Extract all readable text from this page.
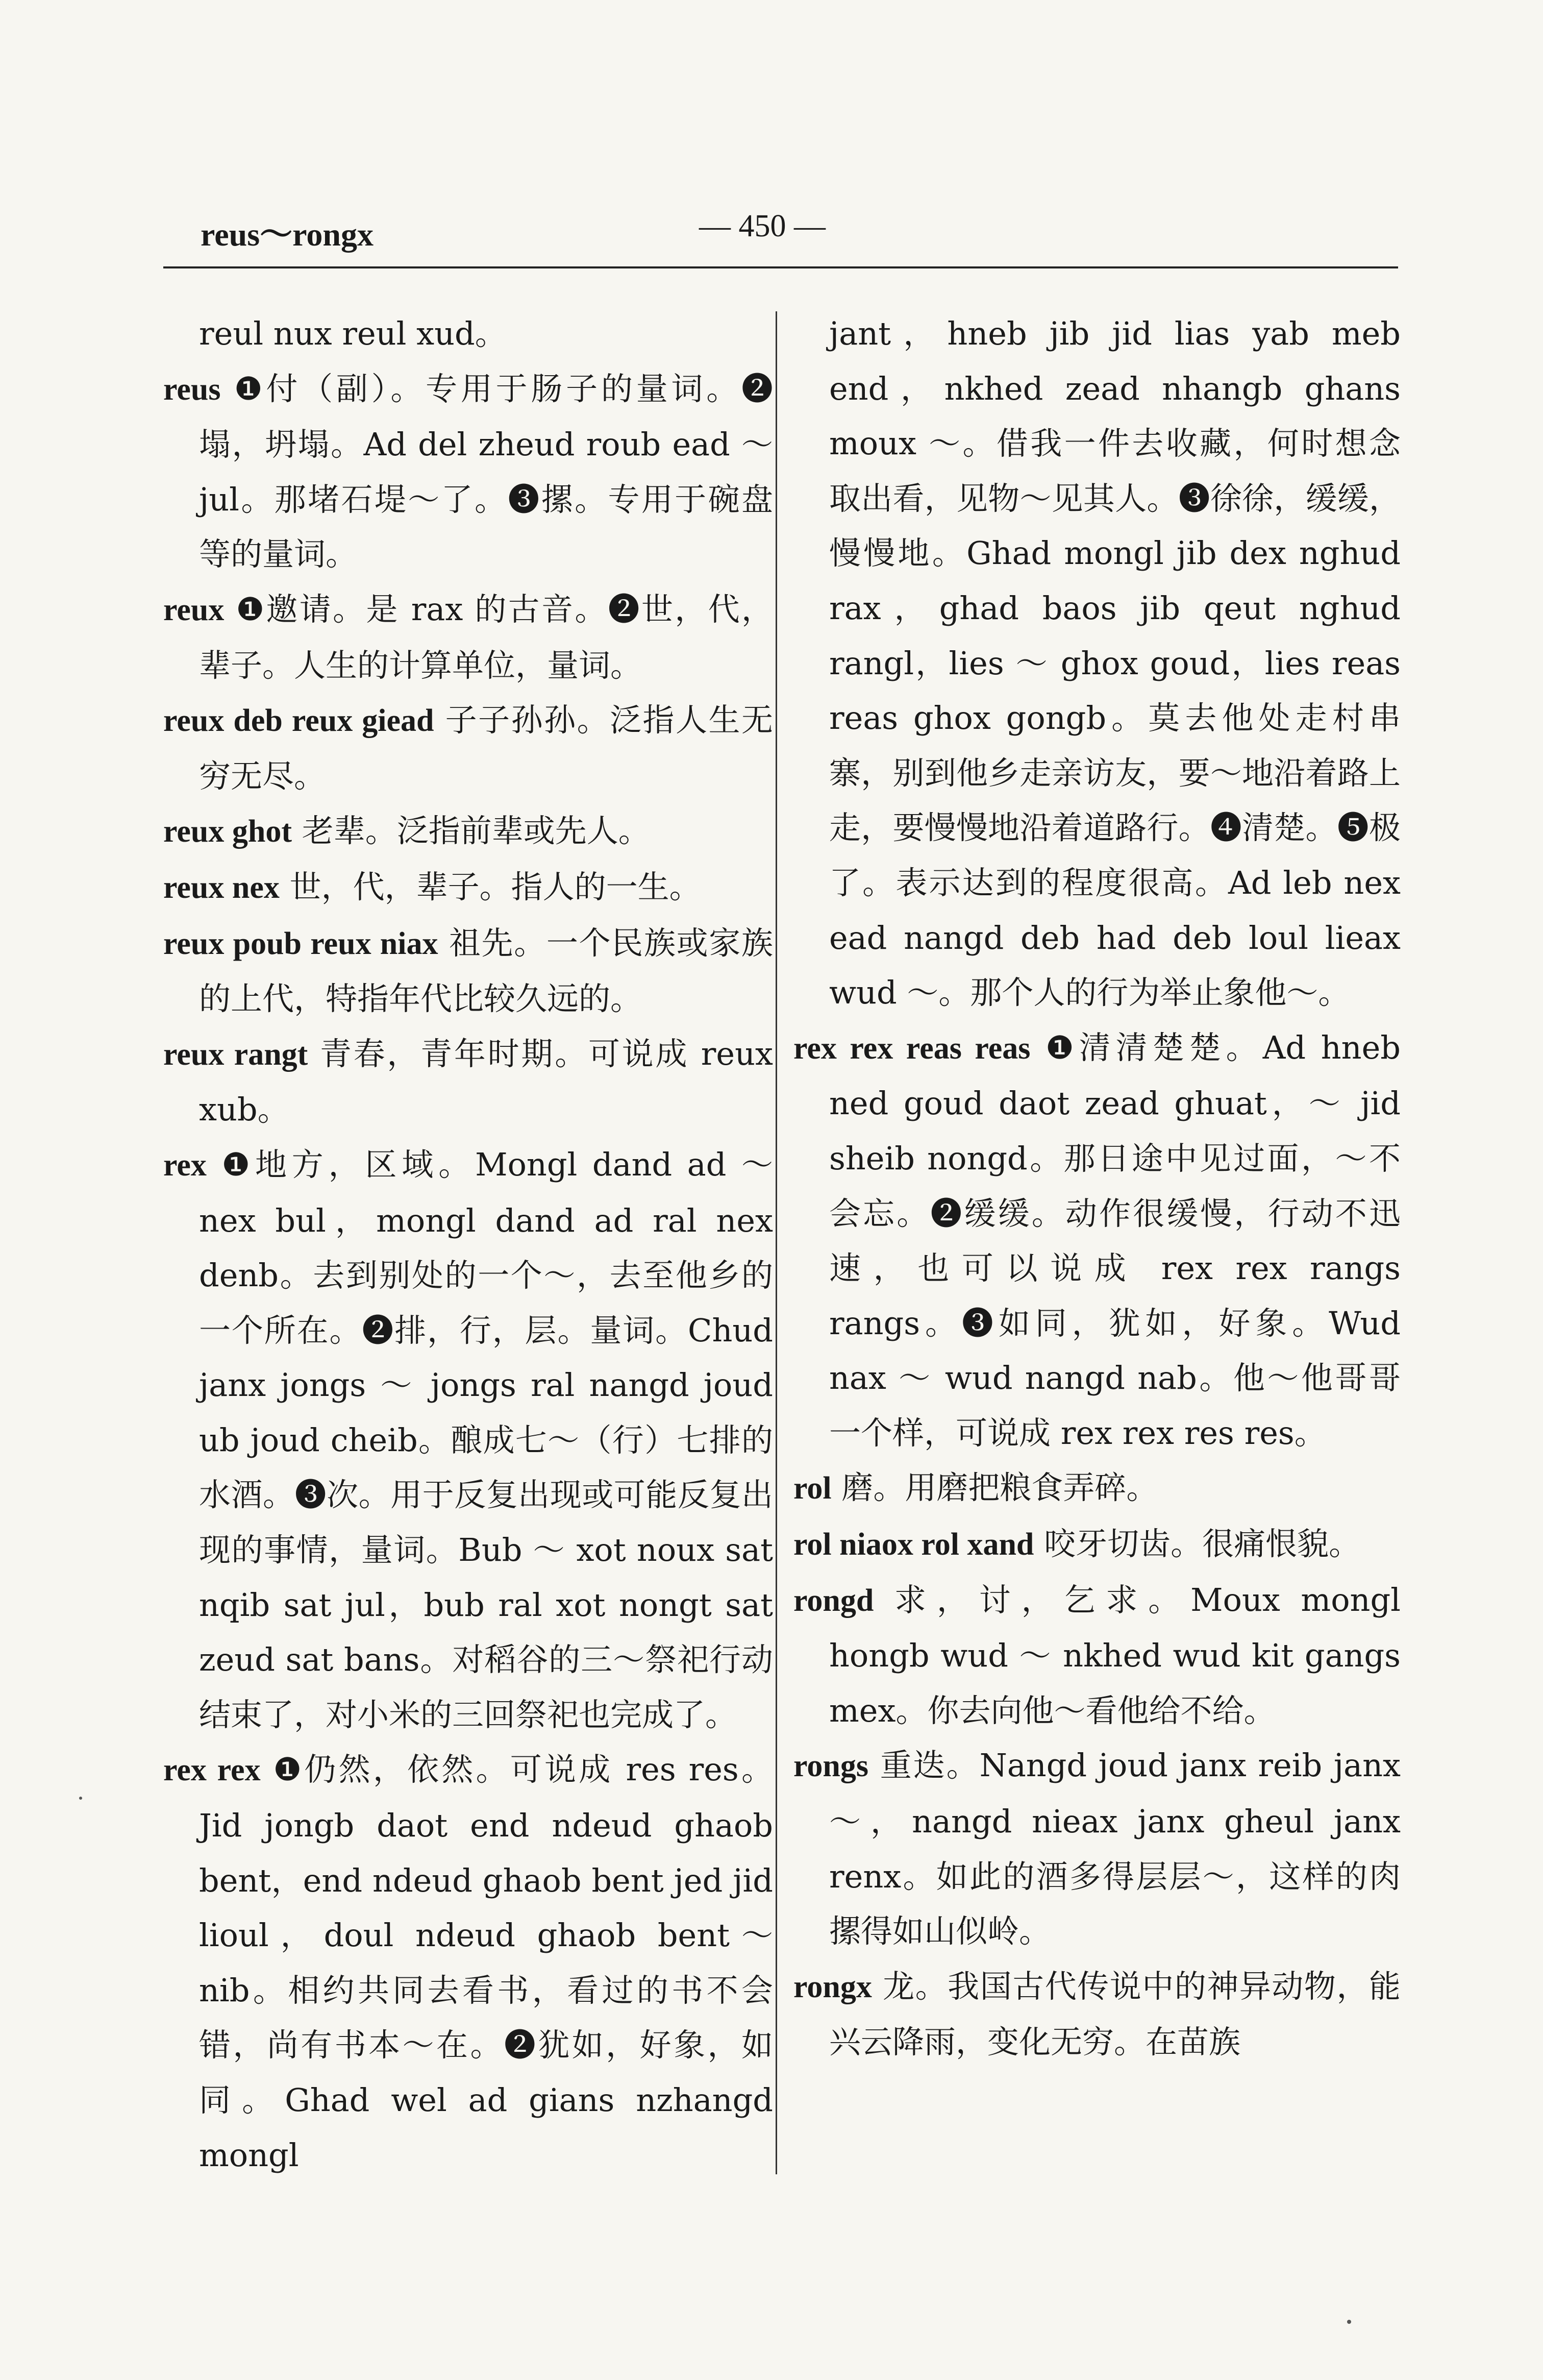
reus～rongx	— 450 —

reul nux reul xud。

reus ❶付（副）。专用于肠子的量词。❷塌，坍塌。Ad del zheud roub ead ～jul。那堵石堤～了。❸摞。专用于碗盘等的量词。

reux ❶邀请。是 rax 的古音。❷世，代，辈子。人生的计算单位，量词。

reux deb reux giead 子子孙孙。泛指人生无穷无尽。

reux ghot 老辈。泛指前辈或先人。

reux nex 世，代，辈子。指人的一生。

reux poub reux niax 祖先。一个民族或家族的上代，特指年代比较久远的。

reux rangt 青春，青年时期。可说成 reux xub。

rex ❶地方，区域。Mongl dand ad ～ nex bul，mongl dand ad ral nex denb。去到别处的一个～，去至他乡的一个所在。❷排，行，层。量词。Chud janx jongs ～ jongs ral nangd joud ub joud cheib。酿成七～（行）七排的水酒。❸次。用于反复出现或可能反复出现的事情，量词。Bub ～ xot noux sat nqib sat jul，bub ral xot nongt sat zeud sat bans。对稻谷的三～祭祀行动结束了，对小米的三回祭祀也完成了。

rex rex ❶仍然，依然。可说成 res res。Jid jongb daot end ndeud ghaob bent，end ndeud ghaob bent jed jid lioul，doul ndeud ghaob bent～ nib。相约共同去看书，看过的书不会错，尚有书本～在。❷犹如，好象，如同。Ghad wel ad gians nzhangd mongl

jant，hneb jib jid lias yab meb end，nkhed zead nhangb ghans moux ～。借我一件去收藏，何时想念取出看，见物～见其人。❸徐徐，缓缓，慢慢地。Ghad mongl jib dex nghud rax，ghad baos jib qeut nghud rangl，lies ～ ghox goud，lies reas reas ghox gongb。莫去他处走村串寨，别到他乡走亲访友，要～地沿着路上走，要慢慢地沿着道路行。❹清楚。❺极了。表示达到的程度很高。Ad leb nex ead nangd deb had deb loul lieax wud ～。那个人的行为举止象他～。

rex rex reas reas ❶清清楚楚。Ad hneb ned goud daot zead ghuat，～ jid sheib nongd。那日途中见过面，～不会忘。❷缓缓。动作很缓慢，行动不迅速，也可以说成 rex rex rangs rangs。❸如同，犹如，好象。Wud nax ～ wud nangd nab。他～他哥哥一个样，可说成 rex rex res res。

rol 磨。用磨把粮食弄碎。

rol niaox rol xand 咬牙切齿。很痛恨貌。

rongd 求，讨，乞求。Moux mongl hongb wud ～ nkhed wud kit gangs mex。你去向他～看他给不给。

rongs 重迭。Nangd joud janx reib janx ～，nangd nieax janx gheul janx renx。如此的酒多得层层～，这样的肉摞得如山似岭。

rongx 龙。我国古代传说中的神异动物，能兴云降雨，变化无穷。在苗族
